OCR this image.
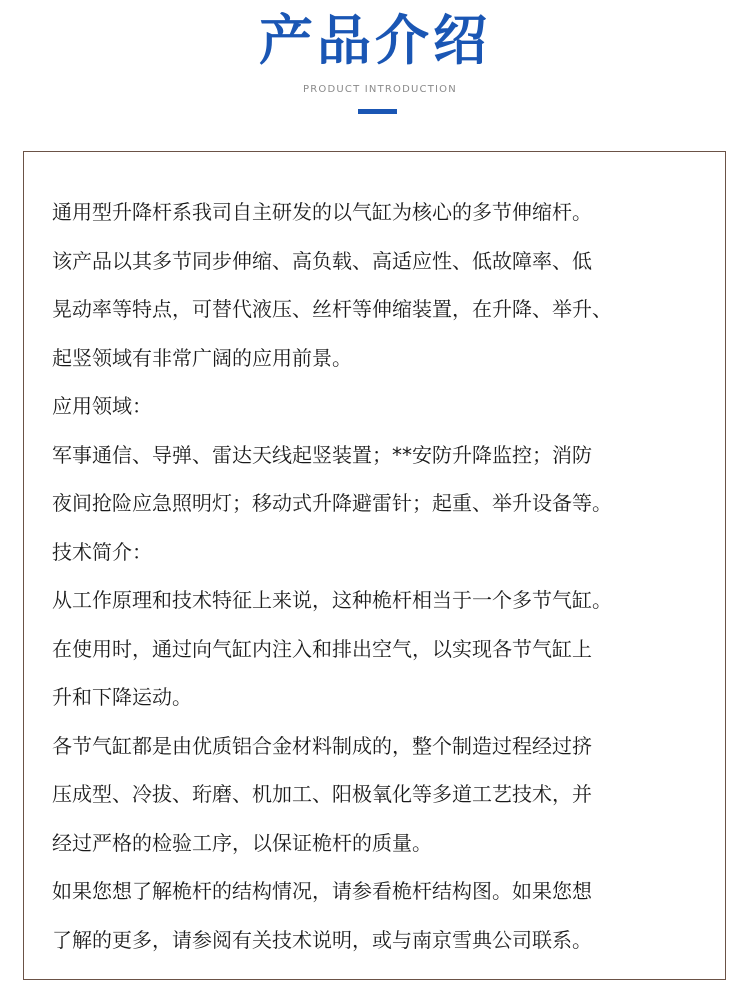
产品介绍
PRODUCT INTRODUCTION
通用型升降杆系我司自主研发的以气缸为核心的多节伸缩杆。
该产品以其多节同步伸缩、高负载、高适应性、低故障率、低
晃动率等特点，可替代液压、丝杆等伸缩装置，在升降、举升、
起竖领域有非常广阔的应用前景。
应用领域：
军事通信、导弹、雷达天线起竖装置；**安防升降监控；消防
夜间抢险应急照明灯；移动式升降避雷针；起重、举升设备等。
技术简介：
从工作原理和技术特征上来说，这种桅杆相当于一个多节气缸。
在使用时，通过向气缸内注入和排出空气，以实现各节气缸上
升和下降运动。
各节气缸都是由优质铝合金材料制成的，整个制造过程经过挤
压成型、冷拔、珩磨、机加工、阳极氧化等多道工艺技术，并
经过严格的检验工序，以保证桅杆的质量。
如果您想了解桅杆的结构情况，请参看桅杆结构图。如果您想
了解的更多，请参阅有关技术说明，或与南京雪典公司联系。
